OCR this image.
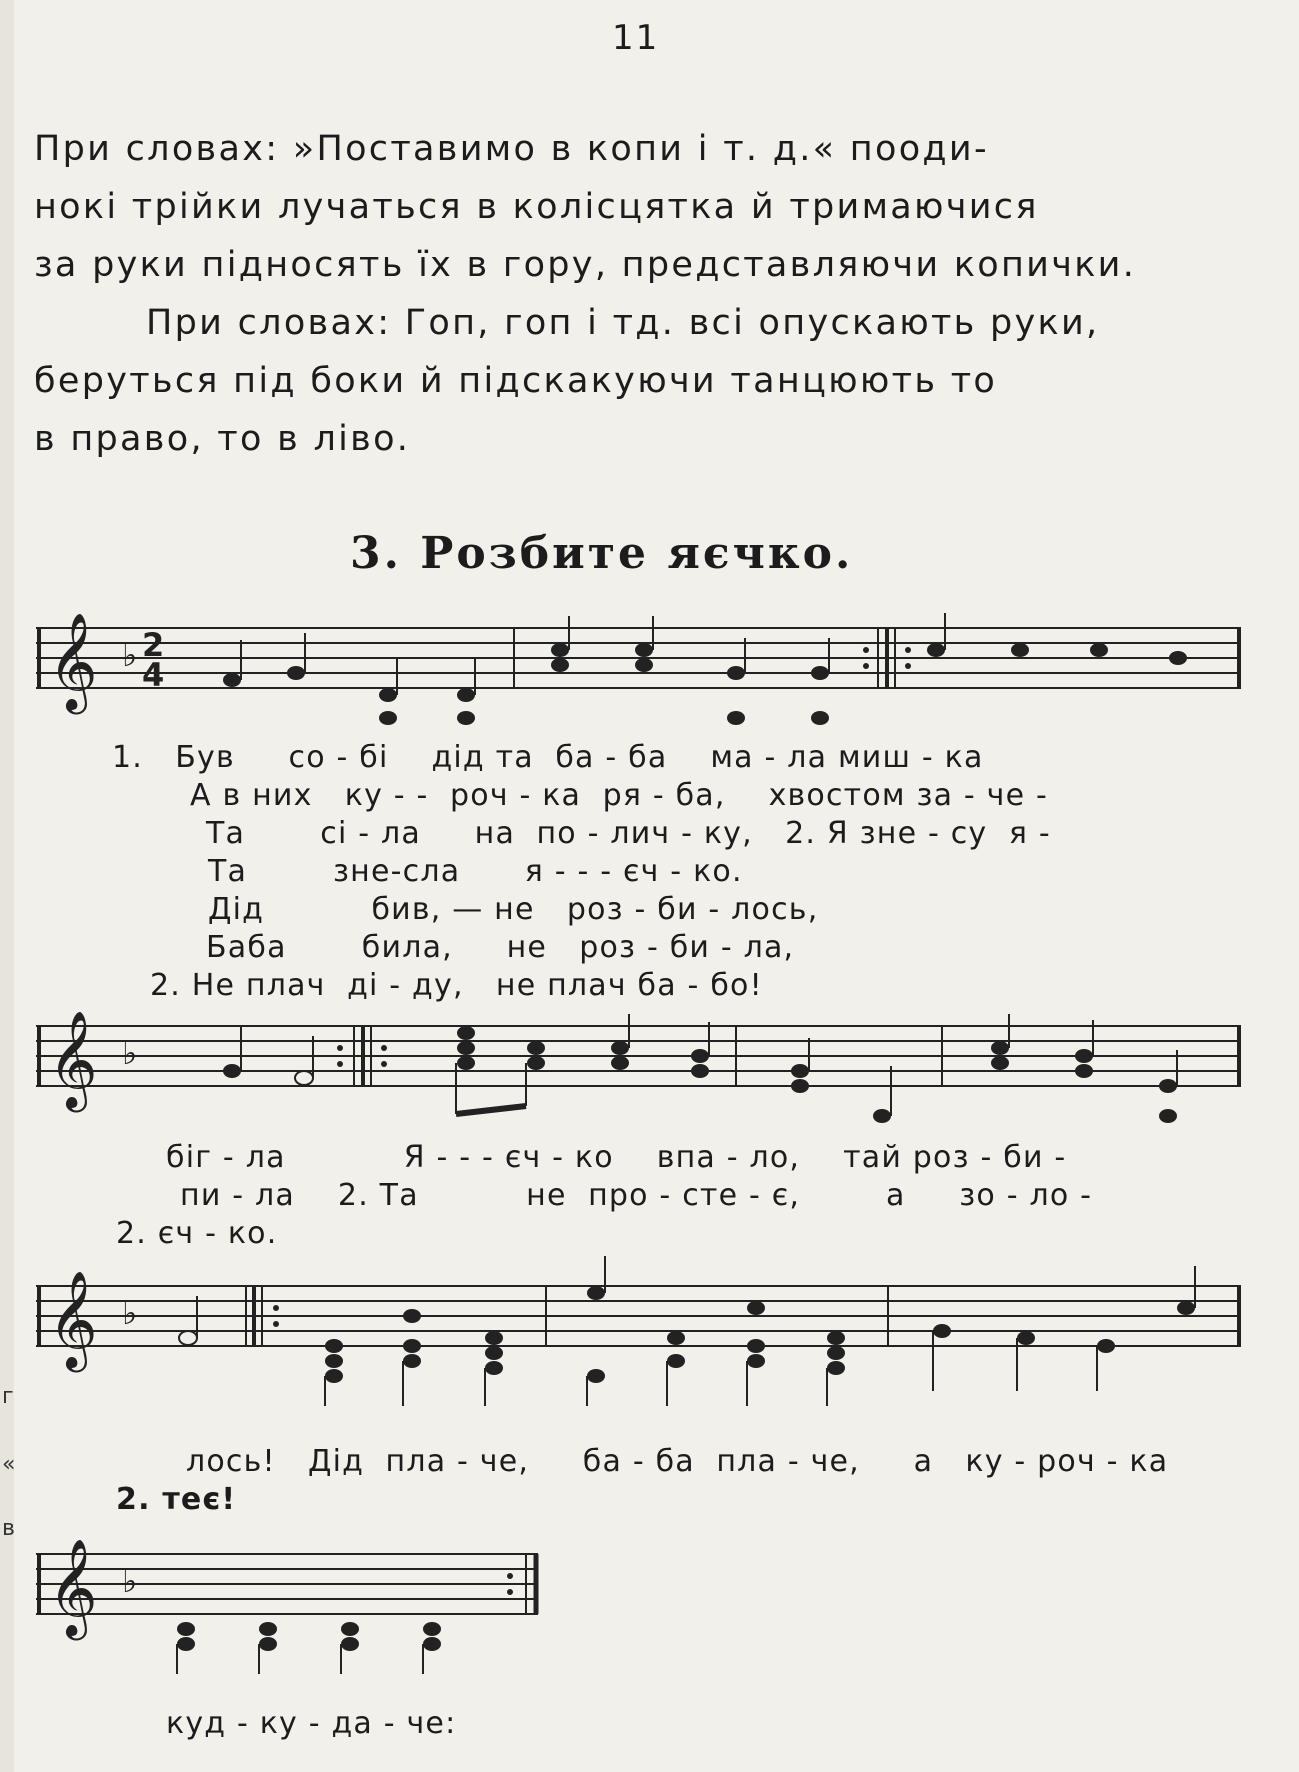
г
«
в
11
При словах: »Поставимо в копи і т. д.« пооди-
нокі трійки лучаться в колісцятка й тримаючися
за руки підносять їх в гору, представляючи копички.
При словах: Гоп, гоп і тд. всі опускають руки,
беруться під боки й підскакуючи танцюють то
в право, то в ліво.
3. Розбите яєчко.
𝄞 ♭ 2
4
1.   Був     со - бі    дід та  ба - ба    ма - ла миш - ка
А в них   ку - -  роч - ка  ря - ба,    хвостом за - че -
Та       сі - ла     на  по - лич - ку,   2. Я зне - су  я -
Та        зне-сла      я - - - єч - ко.
Дід          бив, — не   роз - би - лось,
Баба       била,     не   роз - би - ла,
2. Не плач  ді - ду,   не плач ба - бо!
𝄞 ♭
біг - ла           Я - - - єч - ко    впа - ло,    тай роз - би -
пи - ла    2. Та          не  про - сте - є,        а     зо - ло -
2. єч - ко.
𝄞 ♭
лось!   Дід  пла - че,     ба - ба  пла - че,     а   ку - роч - ка
2. теє!
𝄞 ♭
куд - ку - да - че:
